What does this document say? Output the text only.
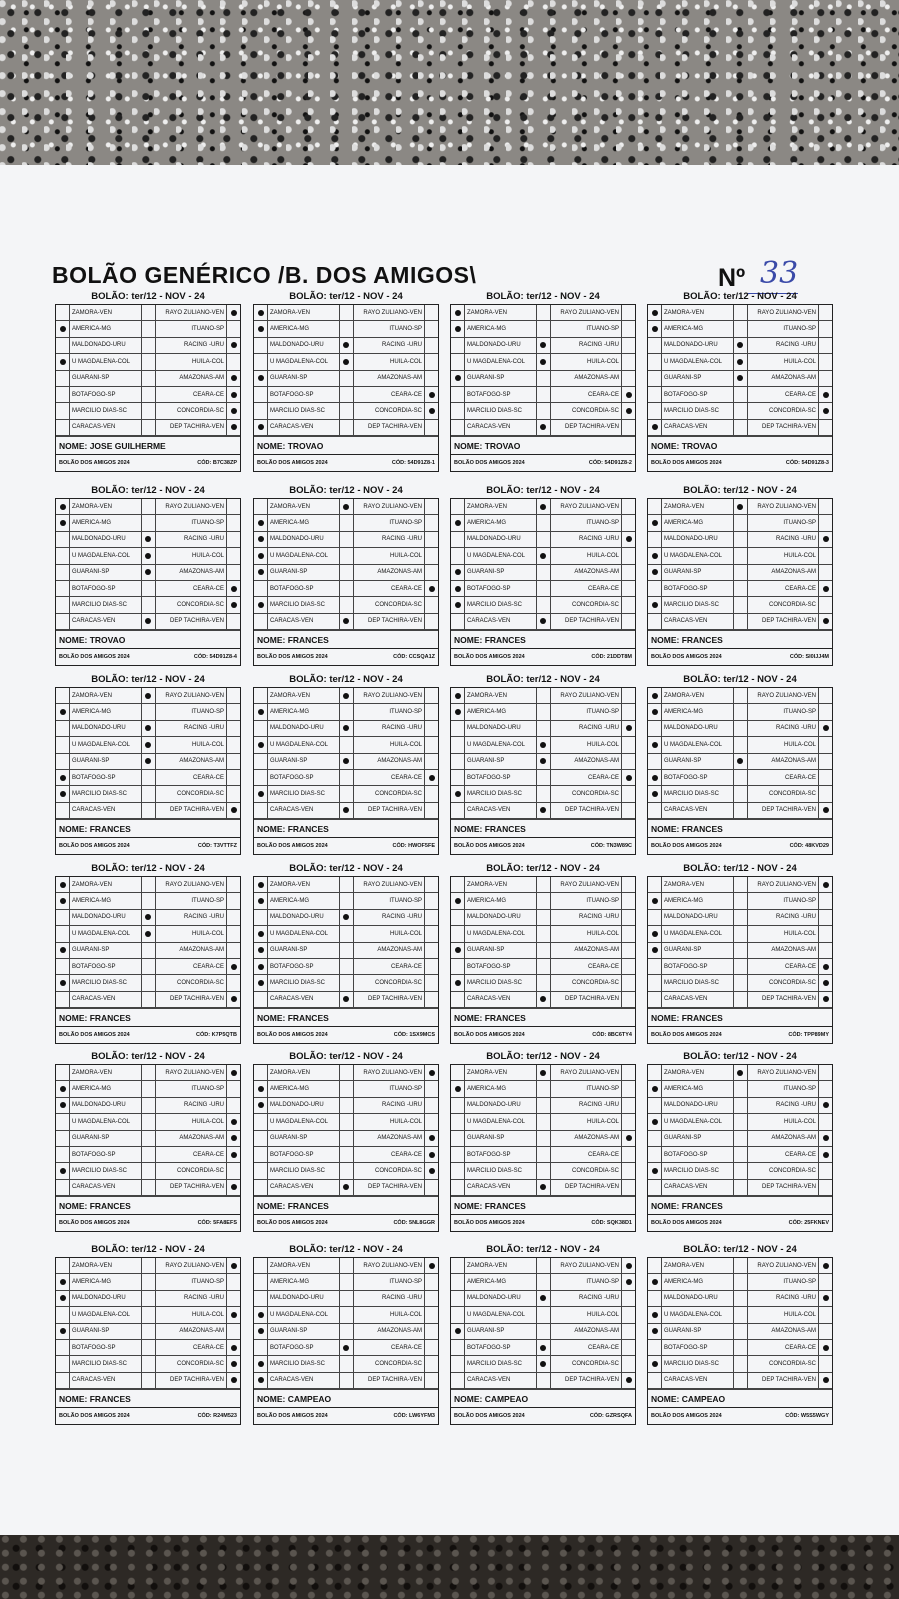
BOLÃO GENÉRICO /B. DOS AMIGOS\	Nº 33
BOLÃO: ter/12 - NOV - 24
ZAMORA-VEN	RAYO ZULIANO-VEN
AMERICA-MG	ITUANO-SP
MALDONADO-URU	RACING -URU
U MAGDALENA-COL	HUILA-COL
GUARANI-SP	AMAZONAS-AM
BOTAFOGO-SP	CEARA-CE
MARCILIO DIAS-SC	CONCORDIA-SC
CARACAS-VEN	DEP TACHIRA-VEN
NOME: JOSE GUILHERME
BOLÃO DOS AMIGOS 2024	CÓD: B7C38ZP
BOLÃO: ter/12 - NOV - 24
ZAMORA-VEN	RAYO ZULIANO-VEN
AMERICA-MG	ITUANO-SP
MALDONADO-URU	RACING -URU
U MAGDALENA-COL	HUILA-COL
GUARANI-SP	AMAZONAS-AM
BOTAFOGO-SP	CEARA-CE
MARCILIO DIAS-SC	CONCORDIA-SC
CARACAS-VEN	DEP TACHIRA-VEN
NOME: TROVAO
BOLÃO DOS AMIGOS 2024	CÓD: 54D91Z8-1
BOLÃO: ter/12 - NOV - 24
ZAMORA-VEN	RAYO ZULIANO-VEN
AMERICA-MG	ITUANO-SP
MALDONADO-URU	RACING -URU
U MAGDALENA-COL	HUILA-COL
GUARANI-SP	AMAZONAS-AM
BOTAFOGO-SP	CEARA-CE
MARCILIO DIAS-SC	CONCORDIA-SC
CARACAS-VEN	DEP TACHIRA-VEN
NOME: TROVAO
BOLÃO DOS AMIGOS 2024	CÓD: 54D91Z8-2
BOLÃO: ter/12 - NOV - 24
ZAMORA-VEN	RAYO ZULIANO-VEN
AMERICA-MG	ITUANO-SP
MALDONADO-URU	RACING -URU
U MAGDALENA-COL	HUILA-COL
GUARANI-SP	AMAZONAS-AM
BOTAFOGO-SP	CEARA-CE
MARCILIO DIAS-SC	CONCORDIA-SC
CARACAS-VEN	DEP TACHIRA-VEN
NOME: TROVAO
BOLÃO DOS AMIGOS 2024	CÓD: 54D91Z8-3
BOLÃO: ter/12 - NOV - 24
ZAMORA-VEN	RAYO ZULIANO-VEN
AMERICA-MG	ITUANO-SP
MALDONADO-URU	RACING -URU
U MAGDALENA-COL	HUILA-COL
GUARANI-SP	AMAZONAS-AM
BOTAFOGO-SP	CEARA-CE
MARCILIO DIAS-SC	CONCORDIA-SC
CARACAS-VEN	DEP TACHIRA-VEN
NOME: TROVAO
BOLÃO DOS AMIGOS 2024	CÓD: 54D91Z8-4
BOLÃO: ter/12 - NOV - 24
ZAMORA-VEN	RAYO ZULIANO-VEN
AMERICA-MG	ITUANO-SP
MALDONADO-URU	RACING -URU
U MAGDALENA-COL	HUILA-COL
GUARANI-SP	AMAZONAS-AM
BOTAFOGO-SP	CEARA-CE
MARCILIO DIAS-SC	CONCORDIA-SC
CARACAS-VEN	DEP TACHIRA-VEN
NOME: FRANCES
BOLÃO DOS AMIGOS 2024	CÓD: CCSQA1Z
BOLÃO: ter/12 - NOV - 24
ZAMORA-VEN	RAYO ZULIANO-VEN
AMERICA-MG	ITUANO-SP
MALDONADO-URU	RACING -URU
U MAGDALENA-COL	HUILA-COL
GUARANI-SP	AMAZONAS-AM
BOTAFOGO-SP	CEARA-CE
MARCILIO DIAS-SC	CONCORDIA-SC
CARACAS-VEN	DEP TACHIRA-VEN
NOME: FRANCES
BOLÃO DOS AMIGOS 2024	CÓD: 21DDT8M
BOLÃO: ter/12 - NOV - 24
ZAMORA-VEN	RAYO ZULIANO-VEN
AMERICA-MG	ITUANO-SP
MALDONADO-URU	RACING -URU
U MAGDALENA-COL	HUILA-COL
GUARANI-SP	AMAZONAS-AM
BOTAFOGO-SP	CEARA-CE
MARCILIO DIAS-SC	CONCORDIA-SC
CARACAS-VEN	DEP TACHIRA-VEN
NOME: FRANCES
BOLÃO DOS AMIGOS 2024	CÓD: SI0IJJ4M
BOLÃO: ter/12 - NOV - 24
ZAMORA-VEN	RAYO ZULIANO-VEN
AMERICA-MG	ITUANO-SP
MALDONADO-URU	RACING -URU
U MAGDALENA-COL	HUILA-COL
GUARANI-SP	AMAZONAS-AM
BOTAFOGO-SP	CEARA-CE
MARCILIO DIAS-SC	CONCORDIA-SC
CARACAS-VEN	DEP TACHIRA-VEN
NOME: FRANCES
BOLÃO DOS AMIGOS 2024	CÓD: T3VTTFZ
BOLÃO: ter/12 - NOV - 24
ZAMORA-VEN	RAYO ZULIANO-VEN
AMERICA-MG	ITUANO-SP
MALDONADO-URU	RACING -URU
U MAGDALENA-COL	HUILA-COL
GUARANI-SP	AMAZONAS-AM
BOTAFOGO-SP	CEARA-CE
MARCILIO DIAS-SC	CONCORDIA-SC
CARACAS-VEN	DEP TACHIRA-VEN
NOME: FRANCES
BOLÃO DOS AMIGOS 2024	CÓD: HWOF5FE
BOLÃO: ter/12 - NOV - 24
ZAMORA-VEN	RAYO ZULIANO-VEN
AMERICA-MG	ITUANO-SP
MALDONADO-URU	RACING -URU
U MAGDALENA-COL	HUILA-COL
GUARANI-SP	AMAZONAS-AM
BOTAFOGO-SP	CEARA-CE
MARCILIO DIAS-SC	CONCORDIA-SC
CARACAS-VEN	DEP TACHIRA-VEN
NOME: FRANCES
BOLÃO DOS AMIGOS 2024	CÓD: TN3W89C
BOLÃO: ter/12 - NOV - 24
ZAMORA-VEN	RAYO ZULIANO-VEN
AMERICA-MG	ITUANO-SP
MALDONADO-URU	RACING -URU
U MAGDALENA-COL	HUILA-COL
GUARANI-SP	AMAZONAS-AM
BOTAFOGO-SP	CEARA-CE
MARCILIO DIAS-SC	CONCORDIA-SC
CARACAS-VEN	DEP TACHIRA-VEN
NOME: FRANCES
BOLÃO DOS AMIGOS 2024	CÓD: 48KVD29
BOLÃO: ter/12 - NOV - 24
ZAMORA-VEN	RAYO ZULIANO-VEN
AMERICA-MG	ITUANO-SP
MALDONADO-URU	RACING -URU
U MAGDALENA-COL	HUILA-COL
GUARANI-SP	AMAZONAS-AM
BOTAFOGO-SP	CEARA-CE
MARCILIO DIAS-SC	CONCORDIA-SC
CARACAS-VEN	DEP TACHIRA-VEN
NOME: FRANCES
BOLÃO DOS AMIGOS 2024	CÓD: K7P5QTB
BOLÃO: ter/12 - NOV - 24
ZAMORA-VEN	RAYO ZULIANO-VEN
AMERICA-MG	ITUANO-SP
MALDONADO-URU	RACING -URU
U MAGDALENA-COL	HUILA-COL
GUARANI-SP	AMAZONAS-AM
BOTAFOGO-SP	CEARA-CE
MARCILIO DIAS-SC	CONCORDIA-SC
CARACAS-VEN	DEP TACHIRA-VEN
NOME: FRANCES
BOLÃO DOS AMIGOS 2024	CÓD: 1SX9MCS
BOLÃO: ter/12 - NOV - 24
ZAMORA-VEN	RAYO ZULIANO-VEN
AMERICA-MG	ITUANO-SP
MALDONADO-URU	RACING -URU
U MAGDALENA-COL	HUILA-COL
GUARANI-SP	AMAZONAS-AM
BOTAFOGO-SP	CEARA-CE
MARCILIO DIAS-SC	CONCORDIA-SC
CARACAS-VEN	DEP TACHIRA-VEN
NOME: FRANCES
BOLÃO DOS AMIGOS 2024	CÓD: 8BC6TY4
BOLÃO: ter/12 - NOV - 24
ZAMORA-VEN	RAYO ZULIANO-VEN
AMERICA-MG	ITUANO-SP
MALDONADO-URU	RACING -URU
U MAGDALENA-COL	HUILA-COL
GUARANI-SP	AMAZONAS-AM
BOTAFOGO-SP	CEARA-CE
MARCILIO DIAS-SC	CONCORDIA-SC
CARACAS-VEN	DEP TACHIRA-VEN
NOME: FRANCES
BOLÃO DOS AMIGOS 2024	CÓD: TPP89MY
BOLÃO: ter/12 - NOV - 24
ZAMORA-VEN	RAYO ZULIANO-VEN
AMERICA-MG	ITUANO-SP
MALDONADO-URU	RACING -URU
U MAGDALENA-COL	HUILA-COL
GUARANI-SP	AMAZONAS-AM
BOTAFOGO-SP	CEARA-CE
MARCILIO DIAS-SC	CONCORDIA-SC
CARACAS-VEN	DEP TACHIRA-VEN
NOME: FRANCES
BOLÃO DOS AMIGOS 2024	CÓD: 5FA8EFS
BOLÃO: ter/12 - NOV - 24
ZAMORA-VEN	RAYO ZULIANO-VEN
AMERICA-MG	ITUANO-SP
MALDONADO-URU	RACING -URU
U MAGDALENA-COL	HUILA-COL
GUARANI-SP	AMAZONAS-AM
BOTAFOGO-SP	CEARA-CE
MARCILIO DIAS-SC	CONCORDIA-SC
CARACAS-VEN	DEP TACHIRA-VEN
NOME: FRANCES
BOLÃO DOS AMIGOS 2024	CÓD: 5NL8GGR
BOLÃO: ter/12 - NOV - 24
ZAMORA-VEN	RAYO ZULIANO-VEN
AMERICA-MG	ITUANO-SP
MALDONADO-URU	RACING -URU
U MAGDALENA-COL	HUILA-COL
GUARANI-SP	AMAZONAS-AM
BOTAFOGO-SP	CEARA-CE
MARCILIO DIAS-SC	CONCORDIA-SC
CARACAS-VEN	DEP TACHIRA-VEN
NOME: FRANCES
BOLÃO DOS AMIGOS 2024	CÓD: SQK38D1
BOLÃO: ter/12 - NOV - 24
ZAMORA-VEN	RAYO ZULIANO-VEN
AMERICA-MG	ITUANO-SP
MALDONADO-URU	RACING -URU
U MAGDALENA-COL	HUILA-COL
GUARANI-SP	AMAZONAS-AM
BOTAFOGO-SP	CEARA-CE
MARCILIO DIAS-SC	CONCORDIA-SC
CARACAS-VEN	DEP TACHIRA-VEN
NOME: FRANCES
BOLÃO DOS AMIGOS 2024	CÓD: 25FKNEV
BOLÃO: ter/12 - NOV - 24
ZAMORA-VEN	RAYO ZULIANO-VEN
AMERICA-MG	ITUANO-SP
MALDONADO-URU	RACING -URU
U MAGDALENA-COL	HUILA-COL
GUARANI-SP	AMAZONAS-AM
BOTAFOGO-SP	CEARA-CE
MARCILIO DIAS-SC	CONCORDIA-SC
CARACAS-VEN	DEP TACHIRA-VEN
NOME: FRANCES
BOLÃO DOS AMIGOS 2024	CÓD: R24M523
BOLÃO: ter/12 - NOV - 24
ZAMORA-VEN	RAYO ZULIANO-VEN
AMERICA-MG	ITUANO-SP
MALDONADO-URU	RACING -URU
U MAGDALENA-COL	HUILA-COL
GUARANI-SP	AMAZONAS-AM
BOTAFOGO-SP	CEARA-CE
MARCILIO DIAS-SC	CONCORDIA-SC
CARACAS-VEN	DEP TACHIRA-VEN
NOME: CAMPEAO
BOLÃO DOS AMIGOS 2024	CÓD: LW6YFM3
BOLÃO: ter/12 - NOV - 24
ZAMORA-VEN	RAYO ZULIANO-VEN
AMERICA-MG	ITUANO-SP
MALDONADO-URU	RACING -URU
U MAGDALENA-COL	HUILA-COL
GUARANI-SP	AMAZONAS-AM
BOTAFOGO-SP	CEARA-CE
MARCILIO DIAS-SC	CONCORDIA-SC
CARACAS-VEN	DEP TACHIRA-VEN
NOME: CAMPEAO
BOLÃO DOS AMIGOS 2024	CÓD: GZRSQFA
BOLÃO: ter/12 - NOV - 24
ZAMORA-VEN	RAYO ZULIANO-VEN
AMERICA-MG	ITUANO-SP
MALDONADO-URU	RACING -URU
U MAGDALENA-COL	HUILA-COL
GUARANI-SP	AMAZONAS-AM
BOTAFOGO-SP	CEARA-CE
MARCILIO DIAS-SC	CONCORDIA-SC
CARACAS-VEN	DEP TACHIRA-VEN
NOME: CAMPEAO
BOLÃO DOS AMIGOS 2024	CÓD: W5S5WGY
